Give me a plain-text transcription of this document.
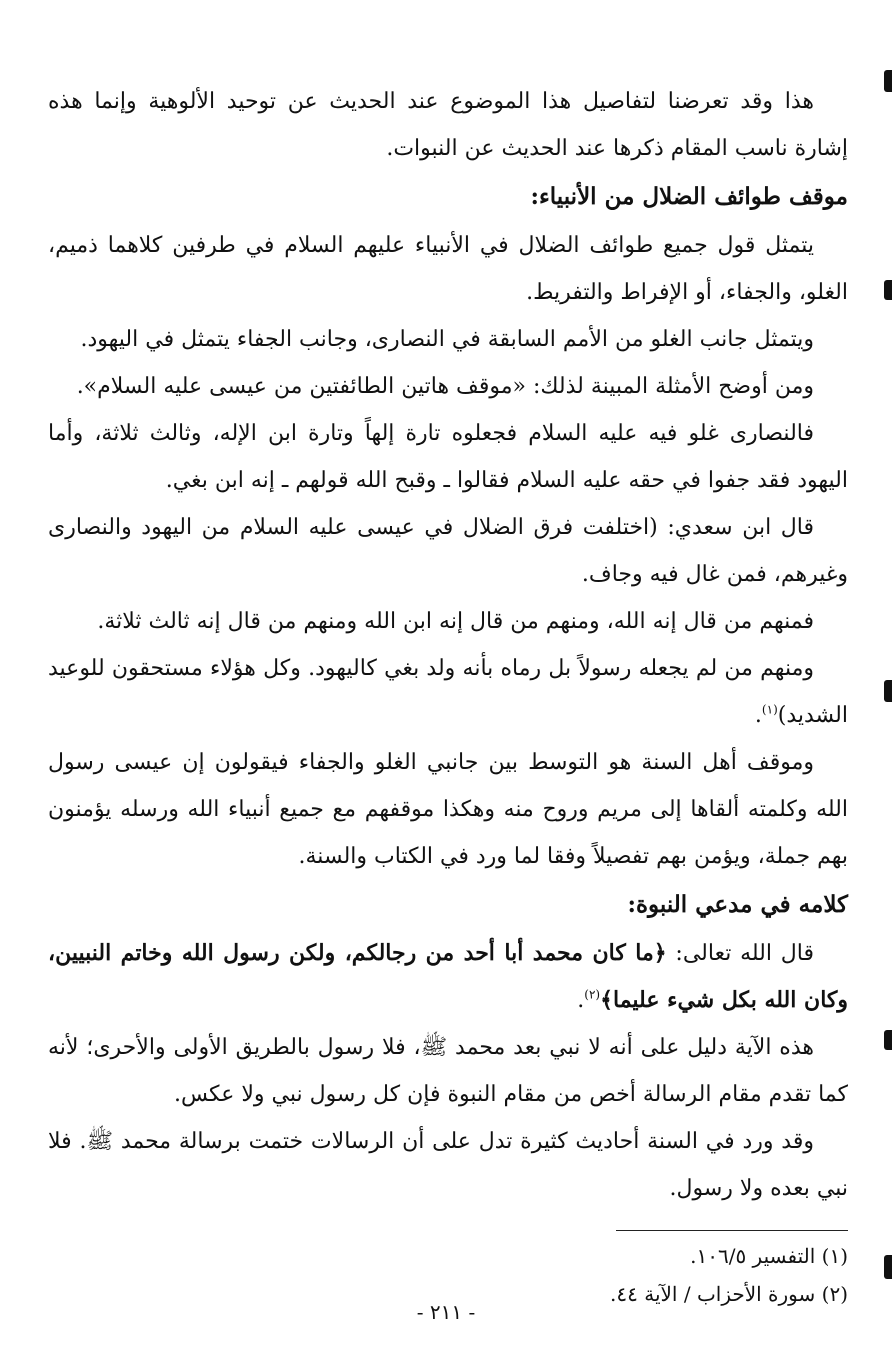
هذا وقد تعرضنا لتفاصيل هذا الموضوع عند الحديث عن توحيد الألوهية وإنما هذه إشارة ناسب المقام ذكرها عند الحديث عن النبوات.

موقف طوائف الضلال من الأنبياء:

يتمثل قول جميع طوائف الضلال في الأنبياء عليهم السلام في طرفين كلاهما ذميم، الغلو، والجفاء، أو الإفراط والتفريط.

ويتمثل جانب الغلو من الأمم السابقة في النصارى، وجانب الجفاء يتمثل في اليهود.

ومن أوضح الأمثلة المبينة لذلك: «موقف هاتين الطائفتين من عيسى عليه السلام».

فالنصارى غلو فيه عليه السلام فجعلوه تارة إلهاً وتارة ابن الإله، وثالث ثلاثة، وأما اليهود فقد جفوا في حقه عليه السلام فقالوا ـ وقبح الله قولهم ـ إنه ابن بغي.

قال ابن سعدي: (اختلفت فرق الضلال في عيسى عليه السلام من اليهود والنصارى وغيرهم، فمن غال فيه وجاف.

فمنهم من قال إنه الله، ومنهم من قال إنه ابن الله ومنهم من قال إنه ثالث ثلاثة.

ومنهم من لم يجعله رسولاً بل رماه بأنه ولد بغي كاليهود. وكل هؤلاء مستحقون للوعيد الشديد)$^{(١)}$.

وموقف أهل السنة هو التوسط بين جانبي الغلو والجفاء فيقولون إن عيسى رسول الله وكلمته ألقاها إلى مريم وروح منه وهكذا موقفهم مع جميع أنبياء الله ورسله يؤمنون بهم جملة، ويؤمن بهم تفصيلاً وفقا لما ورد في الكتاب والسنة.

كلامه في مدعي النبوة:

قال الله تعالى: ﴿ما كان محمد أبا أحد من رجالكم، ولكن رسول الله وخاتم النبيين، وكان الله بكل شيء عليما﴾$^{(٢)}$.

هذه الآية دليل على أنه لا نبي بعد محمد ﷺ، فلا رسول بالطريق الأولى والأحرى؛ لأنه كما تقدم مقام الرسالة أخص من مقام النبوة فإن كل رسول نبي ولا عكس.

وقد ورد في السنة أحاديث كثيرة تدل على أن الرسالات ختمت برسالة محمد ﷺ. فلا نبي بعده ولا رسول.

(١) التفسير ١٠٦/٥.

(٢) سورة الأحزاب / الآية ٤٤.

- ٢١١ -
